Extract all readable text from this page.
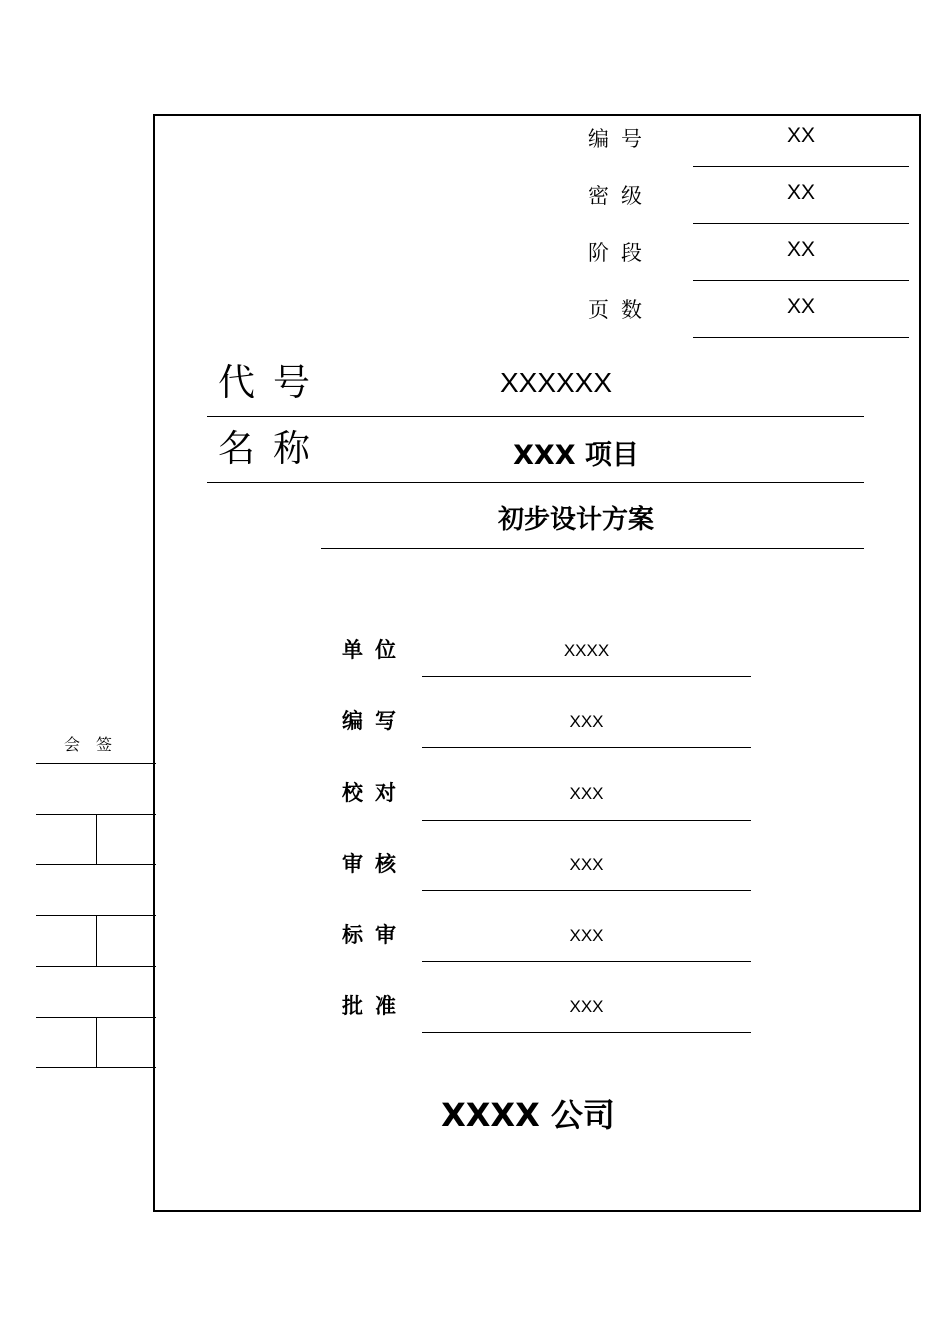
编号	XX
密级	XX
阶段	XX
页数	XX
代号	XXXXXX
名称	XXX 项目
初步设计方案
单位	XXXX
编写	XXX
校对	XXX
审核	XXX
标审	XXX
批准	XXX
XXXX 公司
会签
